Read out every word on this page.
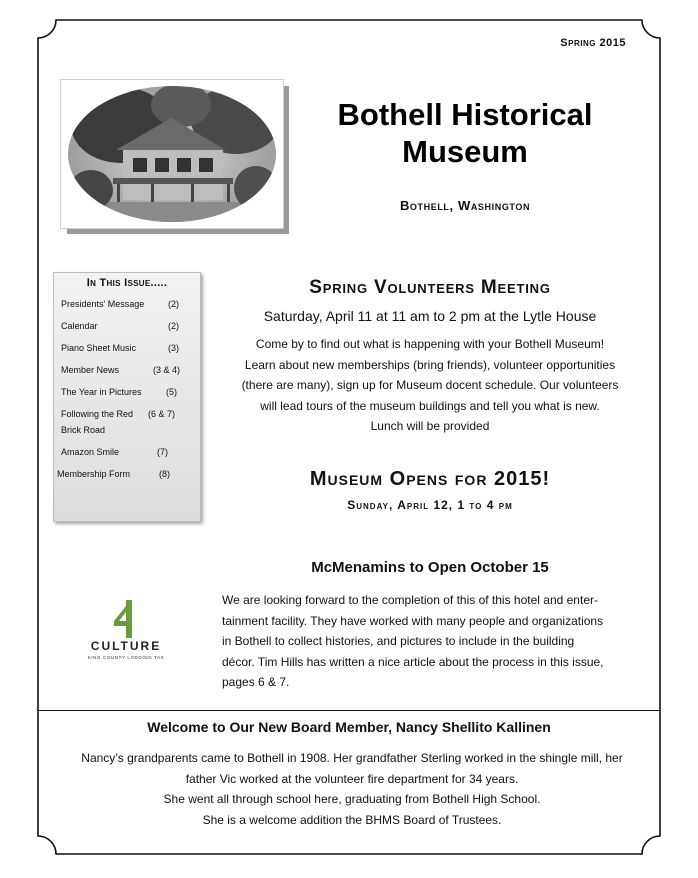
Spring 2015
Bothell Historical
Museum
Bothell, Washington
In This Issue.....
Presidents' Message	(2)
Calendar	(2)
Piano Sheet Music	(3)
Member News	(3 & 4)
The Year in Pictures	(5)
Following the Red Brick Road
(6 & 7)
Amazon Smile	(7)
Membership Form	(8)
Spring Volunteers Meeting
Saturday, April 11 at 11 am to 2 pm at the Lytle House

Come by to find out what is happening with your Bothell Museum!

Learn about new memberships (bring friends), volunteer opportunities

(there are many), sign up for Museum docent schedule. Our volunteers

will lead tours of the museum buildings and tell you what is new.

Lunch will be provided

Museum Opens for 2015!
Sunday, April 12, 1 to 4 pm
McMenamins to Open October 15

We are looking forward to the completion of this of this hotel and enter-

tainment facility. They have worked with many people and organizations

in Bothell to collect histories, and pictures to include in the building

décor. Tim Hills has written a nice article about the process in this issue,

pages 6 & 7.

CULTURE
KING COUNTY LODGING TAX
Welcome to Our New Board Member, Nancy Shellito Kallinen

Nancy’s grandparents came to Bothell in 1908. Her grandfather Sterling worked in the shingle mill, her

father Vic worked at the volunteer fire department for 34 years.

She went all through school here, graduating from Bothell High School.

She is a welcome addition the BHMS Board of Trustees.
